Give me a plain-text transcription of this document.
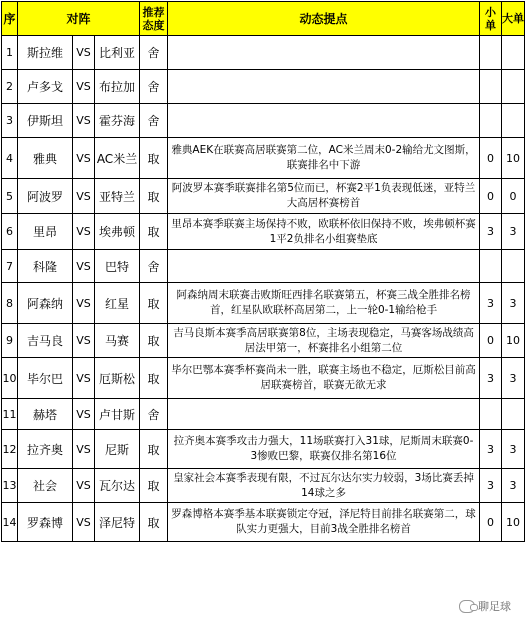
序	对阵			推荐态度	动态提点	小单	大单
1	斯拉维	VS	比利亚	舍			
2	卢多戈	VS	布拉加	舍			
3	伊斯坦	VS	霍芬海	舍			
4	雅典	VS	AC米兰	取	雅典AEK在联赛高居联赛第二位，AC米兰周末0-2输给尤文图斯，联赛排名中下游	0	10
5	阿波罗	VS	亚特兰	取	阿波罗本赛季联赛排名第5位而已，杯赛2平1负表现低迷，亚特兰大高居杯赛榜首	0	0
6	里昂	VS	埃弗顿	取	里昂本赛季联赛主场保持不败，欧联杯依旧保持不败，埃弗顿杯赛1平2负排名小组赛垫底	3	3
7	科隆	VS	巴特	舍			
8	阿森纳	VS	红星	取	阿森纳周末联赛击败斯旺西排名联赛第五，杯赛三战全胜排名榜首，红星队欧联杯高居第二，上一轮0-1输给枪手	3	3
9	吉马良	VS	马赛	取	吉马良斯本赛季高居联赛第8位，主场表现稳定，马赛客场战绩高居法甲第一，杯赛排名小组第二位	0	10
10	毕尔巴	VS	厄斯松	取	毕尔巴鄂本赛季杯赛尚未一胜，联赛主场也不稳定，厄斯松目前高居联赛榜首，联赛无欲无求	3	3
11	赫塔	VS	卢甘斯	舍			
12	拉齐奥	VS	尼斯	取	拉齐奥本赛季攻击力强大，11场联赛打入31球，尼斯周末联赛0-3惨败巴黎，联赛仅排名第16位	3	3
13	社会	VS	瓦尔达	取	皇家社会本赛季表现有限，不过瓦尔达尔实力较弱，3场比赛丢掉14球之多	3	3
14	罗森博	VS	泽尼特	取	罗森博格本赛季基本联赛锁定夺冠，泽尼特目前排名联赛第二，球队实力更强大，目前3战全胜排名榜首	0	10
聊足球
